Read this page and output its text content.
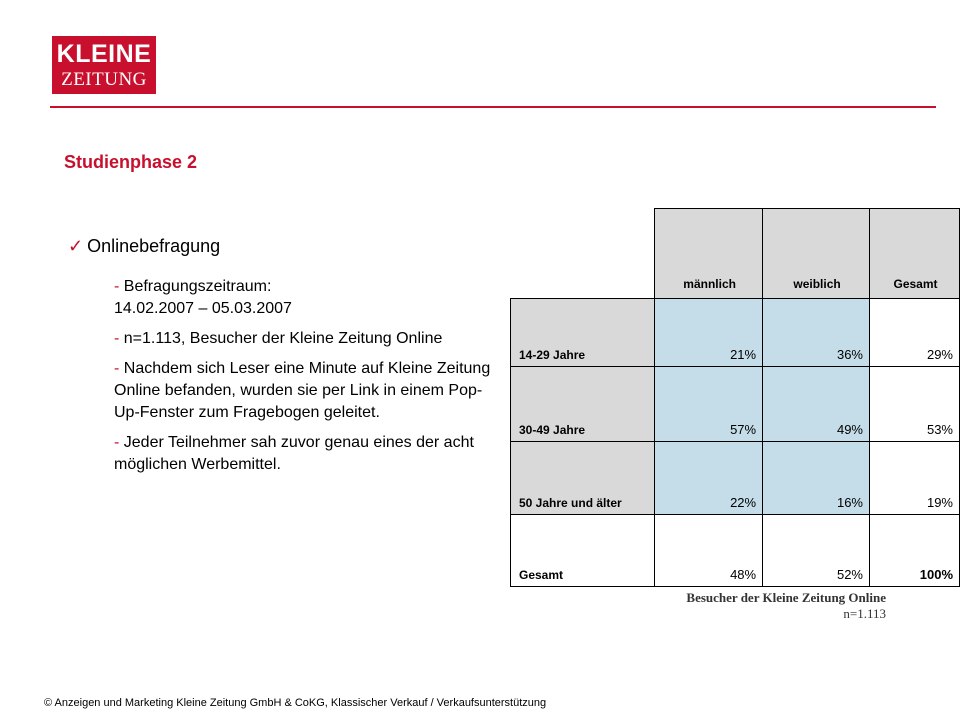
KLEINE
ZEITUNG
Studienphase 2
✓ Onlinebefragung

- Befragungszeitraum:
14.02.2007 – 05.03.2007

- n=1.113, Besucher der Kleine Zeitung Online

- Nachdem sich Leser eine Minute auf Kleine Zeitung Online befanden, wurden sie per Link in einem Pop-Up-Fenster zum Fragebogen geleitet.

- Jeder Teilnehmer sah zuvor genau eines der acht möglichen Werbemittel.

	männlich	weiblich	Gesamt
14-29 Jahre	21%	36%	29%
30-49 Jahre	57%	49%	53%
50 Jahre und älter	22%	16%	19%
Gesamt	48%	52%	100%
Besucher der Kleine Zeitung Online
n=1.113
© Anzeigen und Marketing Kleine Zeitung GmbH & CoKG, Klassischer Verkauf / Verkaufsunterstützung
